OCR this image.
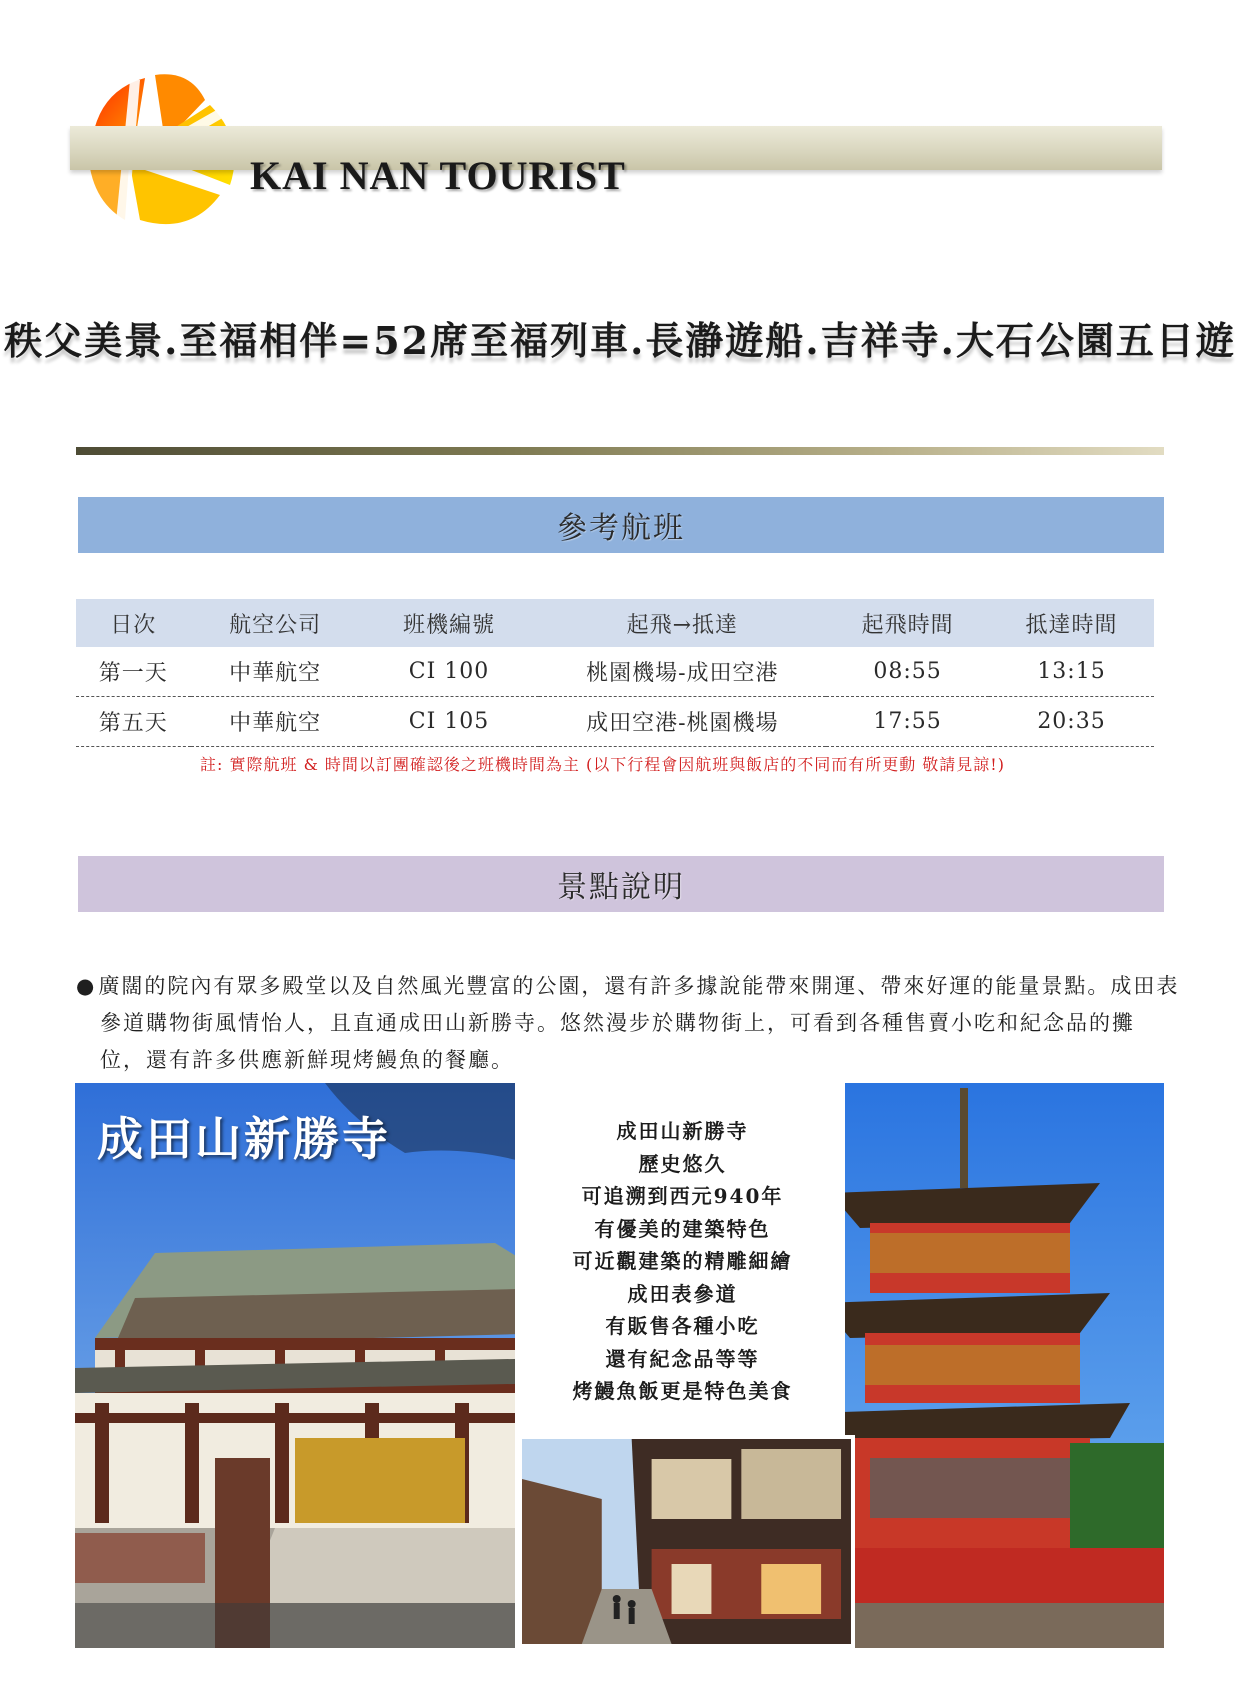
KAI NAN TOURIST
秩父美景.至福相伴=52席至福列車.長瀞遊船.吉祥寺.大石公園五日遊
參考航班
日次	航空公司	班機編號	起飛→抵達	起飛時間	抵達時間
第一天	中華航空	CI 100	桃園機場-成田空港	08:55	13:15
第五天	中華航空	CI 105	成田空港-桃園機場	17:55	20:35
註: 實際航班 & 時間以訂團確認後之班機時間為主 (以下行程會因航班與飯店的不同而有所更動 敬請見諒!)
景點說明
●廣闊的院內有眾多殿堂以及自然風光豐富的公園，還有許多據說能帶來開運、帶來好運的能量景點。成田表參道購物街風情怡人，且直通成田山新勝寺。悠然漫步於購物街上，可看到各種售賣小吃和紀念品的攤位，還有許多供應新鮮現烤鰻魚的餐廳。
成田山新勝寺	成田山新勝寺
歷史悠久
可追溯到西元940年
有優美的建築特色
可近觀建築的精雕細繪
成田表參道
有販售各種小吃
還有紀念品等等
烤鰻魚飯更是特色美食
